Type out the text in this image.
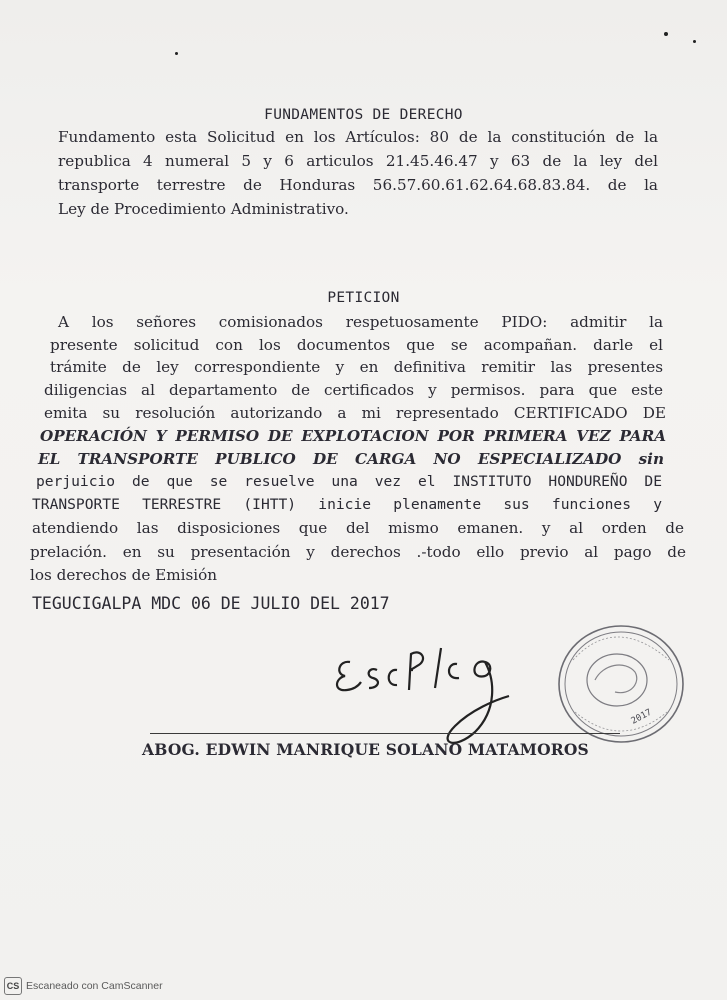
FUNDAMENTOS DE DERECHO
Fundamento esta Solicitud en los Artículos: 80 de la constitución de la
republica 4 numeral 5 y 6 articulos 21.45.46.47 y 63 de la ley del
transporte terrestre de Honduras 56.57.60.61.62.64.68.83.84. de la
Ley de Procedimiento Administrativo.
PETICION
A los señores comisionados respetuosamente PIDO: admitir la
presente solicitud con los documentos que se acompañan. darle el
trámite de ley correspondiente y en definitiva remitir las presentes
diligencias al departamento de certificados y permisos. para que este
emita su resolución autorizando a mi representado CERTIFICADO DE
OPERACIÓN Y PERMISO DE EXPLOTACION POR PRIMERA VEZ PARA
EL TRANSPORTE PUBLICO DE CARGA NO ESPECIALIZADO sin
perjuicio de que se resuelve una vez el INSTITUTO HONDUREÑO DE
TRANSPORTE TERRESTRE (IHTT) inicie plenamente sus funciones y
atendiendo las disposiciones que del mismo emanen. y al orden de
prelación. en su presentación y derechos .-todo ello previo al pago de
los derechos de Emisión
TEGUCIGALPA MDC 06 DE JULIO DEL 2017
2017
ABOG. EDWIN MANRIQUE SOLANO MATAMOROS
CS Escaneado con CamScanner
